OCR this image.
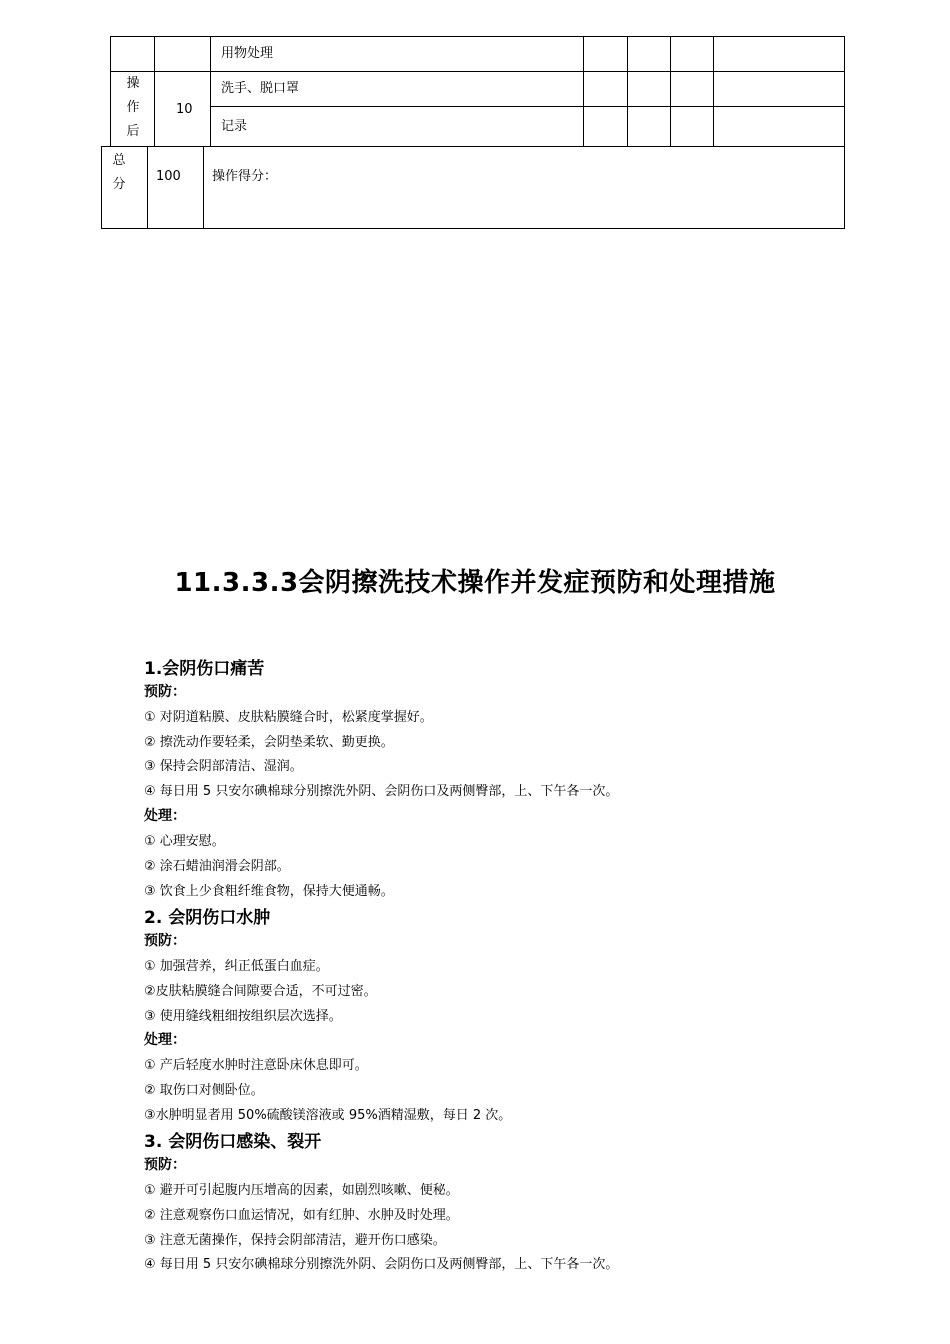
用物处理
洗手、脱口罩
记录
操
作
后
10
总
分
100 操作得分：
11.3.3.3会阴擦洗技术操作并发症预防和处理措施
1.会阴伤口痛苦
预防：
① 对阴道粘膜、皮肤粘膜缝合时，松紧度掌握好。
② 擦洗动作要轻柔，会阴垫柔软、勤更换。
③ 保持会阴部清洁、湿润。
④ 每日用 5 只安尔碘棉球分别擦洗外阴、会阴伤口及两侧臀部，上、下午各一次。
处理：
① 心理安慰。
② 涂石蜡油润滑会阴部。
③ 饮食上少食粗纤维食物，保持大便通畅。
2. 会阴伤口水肿
预防：
① 加强营养，纠正低蛋白血症。
②皮肤粘膜缝合间隙要合适，不可过密。
③ 使用缝线粗细按组织层次选择。
处理：
① 产后轻度水肿时注意卧床休息即可。
② 取伤口对侧卧位。
③水肿明显者用 50%硫酸镁溶液或 95%酒精湿敷，每日 2 次。
3. 会阴伤口感染、裂开
预防：
① 避开可引起腹内压增高的因素，如剧烈咳嗽、便秘。
② 注意观察伤口血运情况，如有红肿、水肿及时处理。
③ 注意无菌操作，保持会阴部清洁，避开伤口感染。
④ 每日用 5 只安尔碘棉球分别擦洗外阴、会阴伤口及两侧臀部，上、下午各一次。
